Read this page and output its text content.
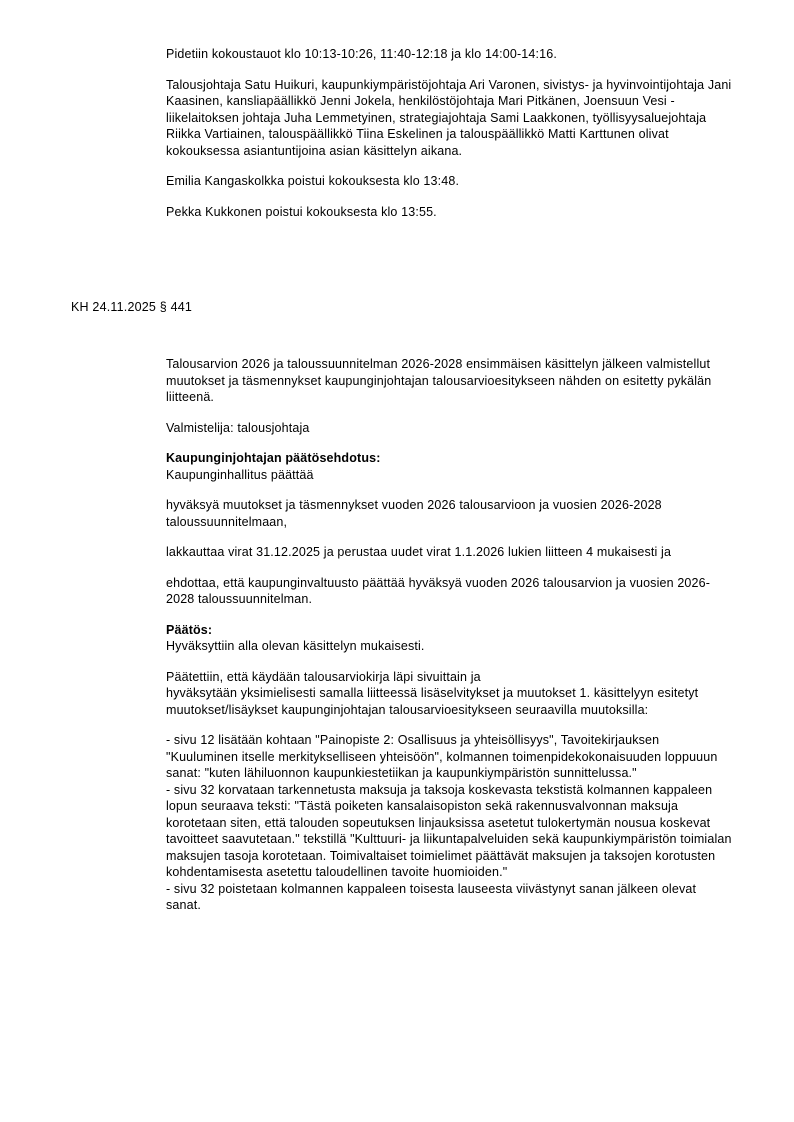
Pidetiin kokoustauot klo 10:13-10:26, 11:40-12:18 ja klo 14:00-14:16.

Talousjohtaja Satu Huikuri, kaupunkiympäristöjohtaja Ari Varonen, sivistys- ja hyvinvointijohtaja Jani Kaasinen, kansliapäällikkö Jenni Jokela, henkilöstöjohtaja Mari Pitkänen, Joensuun Vesi -liikelaitoksen johtaja Juha Lemmetyinen, strategiajohtaja Sami Laakkonen, työllisyysaluejohtaja Riikka Vartiainen, talouspäällikkö Tiina Eskelinen ja talouspäällikkö Matti Karttunen olivat kokouksessa asiantuntijoina asian käsittelyn aikana.

Emilia Kangaskolkka poistui kokouksesta klo 13:48.

Pekka Kukkonen poistui kokouksesta klo 13:55.

KH 24.11.2025 § 441

Talousarvion 2026 ja taloussuunnitelman 2026-2028 ensimmäisen käsittelyn jälkeen valmistellut muutokset ja täsmennykset kaupunginjohtajan talousarvioesitykseen nähden on esitetty pykälän liitteenä.

Valmistelija: talousjohtaja

Kaupunginjohtajan päätösehdotus:

Kaupunginhallitus päättää

hyväksyä muutokset ja täsmennykset vuoden 2026 talousarvioon ja vuosien 2026-2028 taloussuunnitelmaan,

lakkauttaa virat 31.12.2025 ja perustaa uudet virat 1.1.2026 lukien liitteen 4 mukaisesti ja

ehdottaa, että kaupunginvaltuusto päättää hyväksyä vuoden 2026 talousarvion ja vuosien 2026-2028 taloussuunnitelman.

Päätös:

Hyväksyttiin alla olevan käsittelyn mukaisesti.

Päätettiin, että käydään talousarviokirja läpi sivuittain ja

hyväksytään yksimielisesti samalla liitteessä lisäselvitykset ja muutokset 1. käsittelyyn esitetyt muutokset/lisäykset kaupunginjohtajan talousarvioesitykseen seuraavilla muutoksilla:

- sivu 12 lisätään kohtaan "Painopiste 2: Osallisuus ja yhteisöllisyys", Tavoitekirjauksen "Kuuluminen itselle merkitykselliseen yhteisöön", kolmannen toimenpidekokonaisuuden loppuuun sanat: "kuten lähiluonnon kaupunkiestetiikan ja kaupunkiympäristön sunnittelussa."

- sivu 32 korvataan tarkennetusta maksuja ja taksoja koskevasta tekstistä kolmannen kappaleen lopun seuraava teksti: "Tästä poiketen kansalaisopiston sekä rakennusvalvonnan maksuja korotetaan siten, että talouden sopeutuksen linjauksissa asetetut tulokertymän nousua koskevat tavoitteet saavutetaan." tekstillä "Kulttuuri- ja liikuntapalveluiden sekä kaupunkiympäristön toimialan maksujen tasoja korotetaan. Toimivaltaiset toimielimet päättävät maksujen ja taksojen korotusten kohdentamisesta asetettu taloudellinen tavoite huomioiden."

- sivu 32 poistetaan kolmannen kappaleen toisesta lauseesta viivästynyt sanan jälkeen olevat sanat.
